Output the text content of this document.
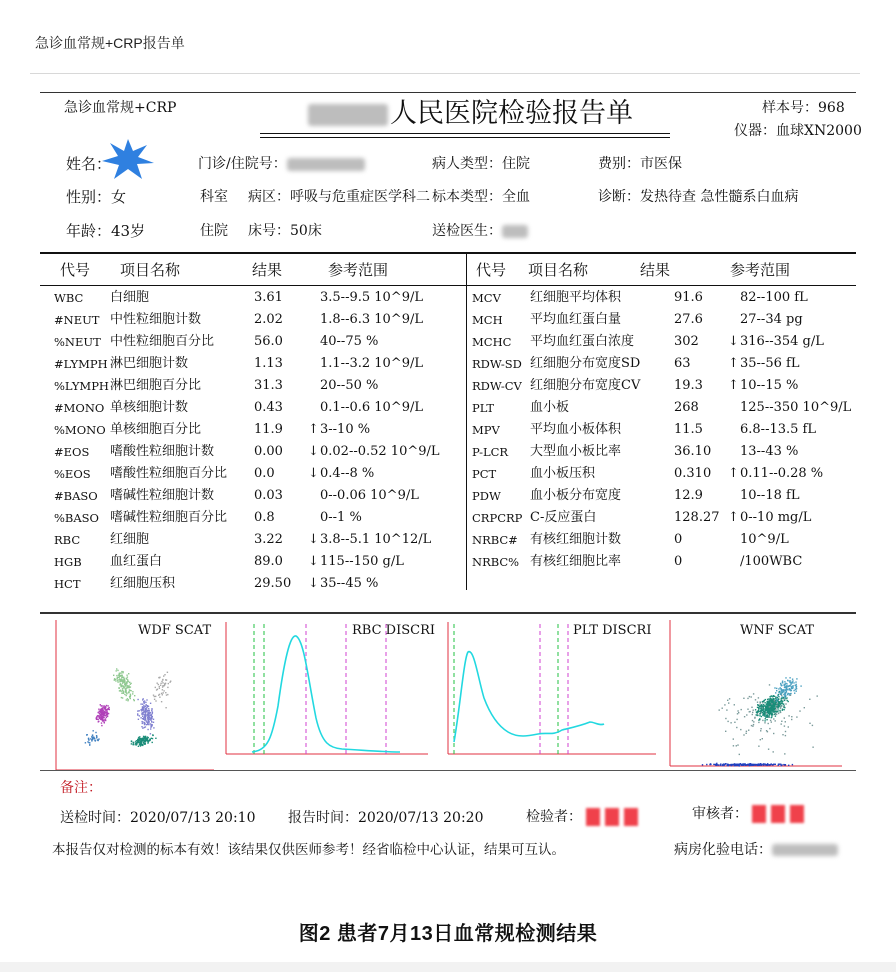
急诊血常规+CRP报告单
急诊血常规+CRP	人民医院检验报告单	样本号：968
仪器：血球XN2000
姓名：	门诊/住院号：	病人类型：住院	费别：市医保
性别：女	科室 病区：呼吸与危重症医学科二 标本类型：全血	诊断：发热待查 急性髓系白血病
年龄：43岁	住院 床号：50床	送检医生：
代号 项目名称	结果	参考范围	代号 项目名称	结果	参考范围
WBC 白细胞	3.61	3.5--9.5 10^9/L
#NEUT 中性粒细胞计数	2.02	1.8--6.3 10^9/L
%NEUT 中性粒细胞百分比	56.0	40--75 %
#LYMPH 淋巴细胞计数	1.13	1.1--3.2 10^9/L
%LYMPH 淋巴细胞百分比	31.3	20--50 %
#MONO 单核细胞计数	0.43	0.1--0.6 10^9/L
%MONO 单核细胞百分比	11.9 ↑ 3--10 %
#EOS 嗜酸性粒细胞计数	0.00 ↓ 0.02--0.52 10^9/L
%EOS 嗜酸性粒细胞百分比 0.0	↓ 0.4--8 %
#BASO 嗜碱性粒细胞计数	0.03	0--0.06 10^9/L
%BASO 嗜碱性粒细胞百分比 0.8	0--1 %
RBC 红细胞	3.22 ↓ 3.8--5.1 10^12/L
HGB 血红蛋白	89.0 ↓ 115--150 g/L
HCT 红细胞压积	29.50 ↓ 35--45 %
MCV 红细胞平均体积	91.6	82--100 fL
MCH 平均血红蛋白量	27.6	27--34 pg
MCHC 平均血红蛋白浓度	302 ↓ 316--354 g/L
RDW-SD 红细胞分布宽度SD	63	↑ 35--56 fL
RDW-CV 红细胞分布宽度CV	19.3 ↑ 10--15 %
PLT	血小板	268	125--350 10^9/L
MPV 平均血小板体积	11.5	6.8--13.5 fL
P-LCR 大型血小板比率	36.10 13--43 %
PCT	血小板压积	0.310 ↑ 0.11--0.28 %
PDW 血小板分布宽度	12.9	10--18 fL
CRPCRP C-反应蛋白	128.27 ↑ 0--10 mg/L
NRBC# 有核红细胞计数	0	10^9/L
NRBC% 有核红细胞比率	0	/100WBC
WDF SCAT	RBC DISCRI	PLT DISCRI	WNF SCAT
备注：
送检时间：2020/07/13 20:10 报告时间：2020/07/13 20:20	检验者：	审核者：
本报告仅对检测的标本有效！该结果仅供医师参考！经省临检中心认证，结果可互认。	病房化验电话：
图2 患者7月13日血常规检测结果
